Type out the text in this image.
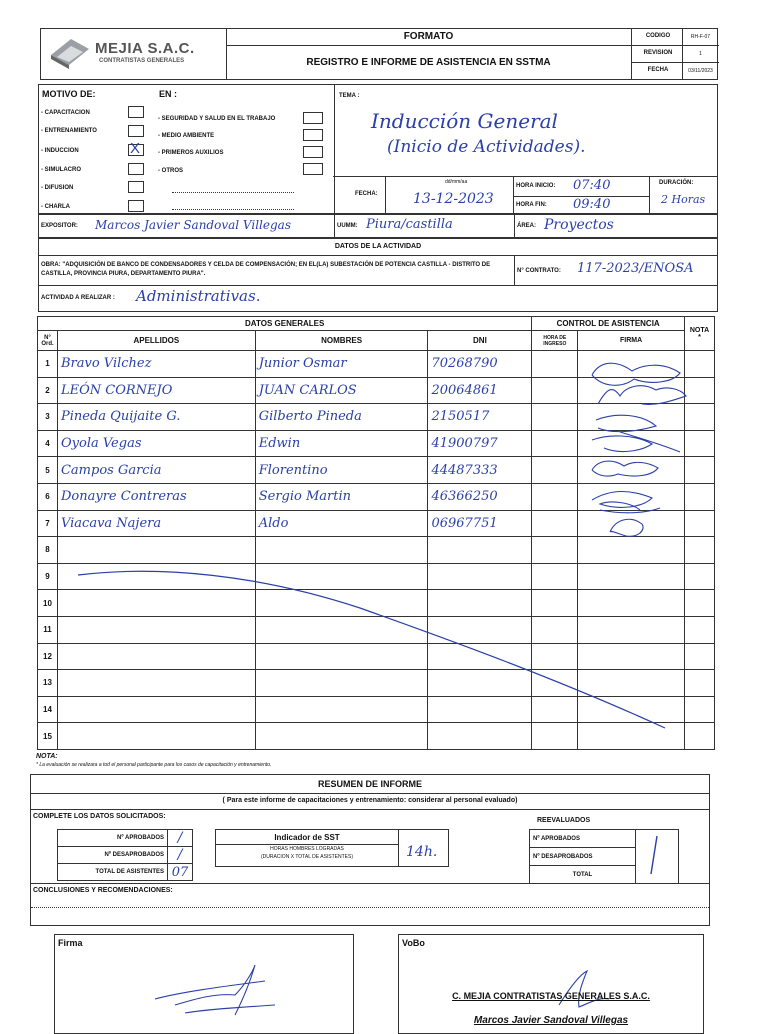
MEJIA S.A.C.
CONTRATISTAS GENERALES
FORMATO
REGISTRO E INFORME DE ASISTENCIA EN SSTMA
CODIGO	RH-F-07
REVISION	1
FECHA	03/11/2023
MOTIVO DE:	EN :	TEMA :
Inducción General
(Inicio de Actividades).
- CAPACITACION
- ENTRENAMIENTO
- INDUCCION
- SIMULACRO
- DIFUSION
- CHARLA
X
- SEGURIDAD Y SALUD EN EL TRABAJO
- MEDIO AMBIENTE
- PRIMEROS AUXILIOS
- OTROS
FECHA:
dd/mm/aa
13-12-2023
HORA INICIO: 07:40
HORA FIN: 09:40
DURACIÓN:
2 Horas
EXPOSITOR: Marcos Javier Sandoval Villegas	UUMM: Piura/castilla	ÁREA: Proyectos
DATOS DE LA ACTIVIDAD
OBRA: "ADQUISICIÓN DE BANCO DE CONDENSADORES Y CELDA DE COMPENSACIÓN; EN EL(LA) SUBESTACIÓN DE POTENCIA CASTILLA - DISTRITO DE CASTILLA, PROVINCIA PIURA, DEPARTAMENTO PIURA".	N° CONTRATO: 117-2023/ENOSA
ACTIVIDAD A REALIZAR : Administrativas.
DATOS GENERALES				CONTROL DE ASISTENCIA		NOTA *
N° Ord.	APELLIDOS	NOMBRES	DNI	HORA DE INGRESO	FIRMA	
1	Bravo Vilchez	Junior Osmar	70268790			
2	LEÓN CORNEJO	JUAN CARLOS	20064861			
3	Pineda Quijaite G.	Gilberto Pineda	2150517			
4	Oyola Vegas	Edwin	41900797			
5	Campos Garcia	Florentino	44487333			
6	Donayre Contreras	Sergio Martin	46366250			
7	Viacava Najera	Aldo	06967751			
8						
9						
10						
11						
12						
13						
14						
15						
NOTA:
* La evaluación se realizara a tod el personal participante para los casos de capacitación y entrenamiento.
RESUMEN DE INFORME
( Para este informe de capacitaciones y entrenamiento: considerar al personal evaluado)
COMPLETE LOS DATOS SOLICITADOS:
Nº APROBADOS	/
Nº DESAPROBADOS	/
TOTAL DE ASISTENTES	07
Indicador de SST
HORAS HOMBRES LOGRADAS
(DURACION X TOTAL DE ASISTENTES)	14h.
REEVALUADOS
Nº APROBADOS	
Nº DESAPROBADOS
TOTAL
CONCLUSIONES Y RECOMENDACIONES:
Firma	VoBo
C. MEJIA CONTRATISTAS GENERALES S.A.C.
Marcos Javier Sandoval Villegas
